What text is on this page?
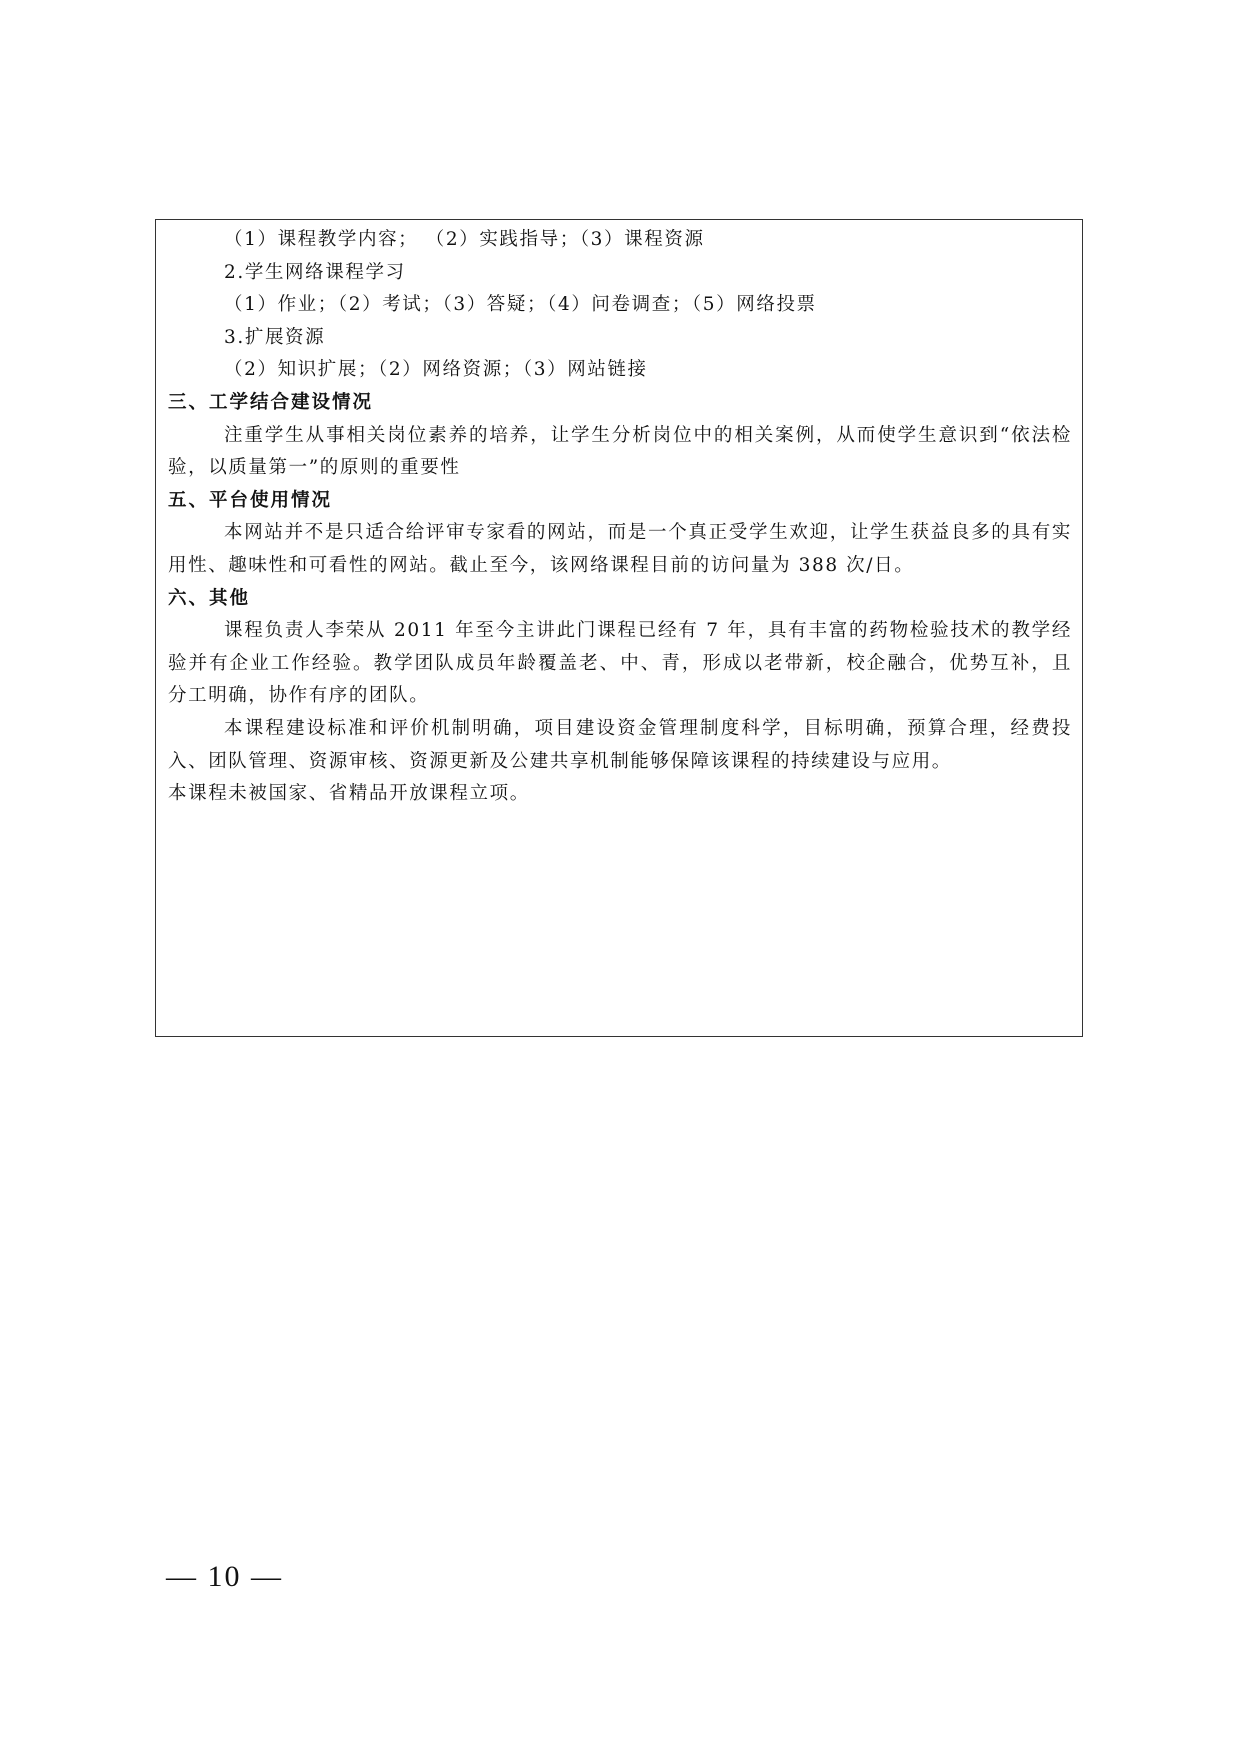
（1）课程教学内容； （2）实践指导；（3）课程资源
2.学生网络课程学习
（1）作业；（2）考试；（3）答疑；（4）问卷调查；（5）网络投票
3.扩展资源
（2）知识扩展；（2）网络资源；（3）网站链接
三、工学结合建设情况

注重学生从事相关岗位素养的培养，让学生分析岗位中的相关案例，从而使学生意识到“依法检验，以质量第一”的原则的重要性

五、平台使用情况

本网站并不是只适合给评审专家看的网站，而是一个真正受学生欢迎，让学生获益良多的具有实用性、趣味性和可看性的网站。截止至今，该网络课程目前的访问量为 388 次/日。

六、其他

课程负责人李荣从 2011 年至今主讲此门课程已经有 7 年，具有丰富的药物检验技术的教学经验并有企业工作经验。教学团队成员年龄覆盖老、中、青，形成以老带新，校企融合，优势互补，且分工明确，协作有序的团队。

本课程建设标准和评价机制明确，项目建设资金管理制度科学，目标明确，预算合理，经费投入、团队管理、资源审核、资源更新及公建共享机制能够保障该课程的持续建设与应用。

本课程未被国家、省精品开放课程立项。

— 10 —
